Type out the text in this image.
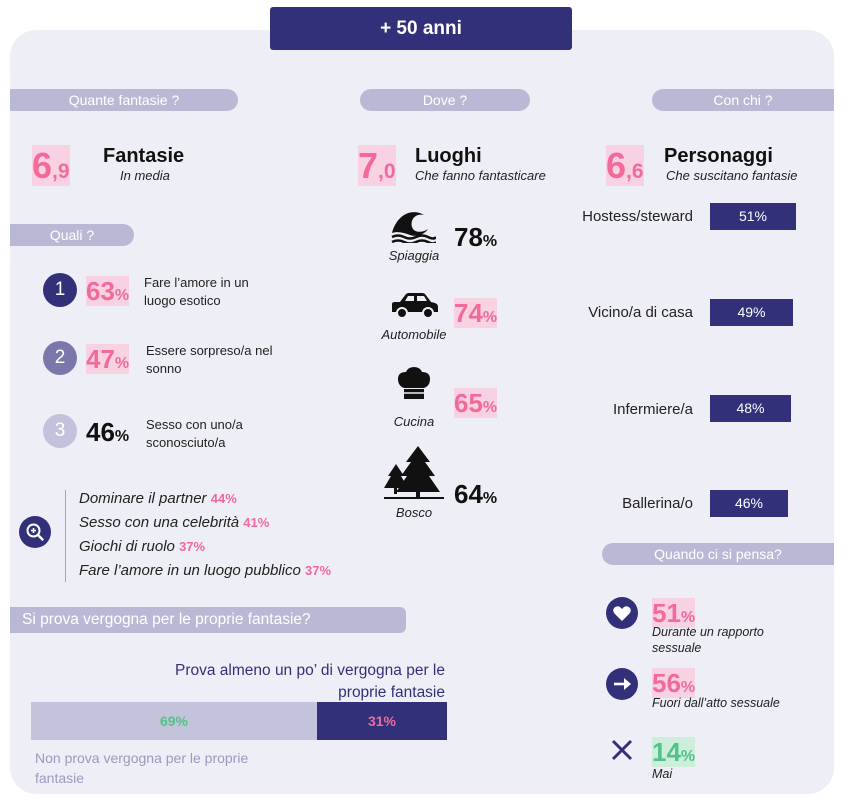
+ 50 anni
Quante fantasie ?	Dove ?	Con chi ?
6,9
Fantasie
In media	7,0
Luoghi
Che fanno fantasticare 6,6
Personaggi
Che suscitano fantasie
Quali ?
1 63%
Fare l’amore in un
luogo esotico
2 47%
Essere sorpreso/a nel
sonno
3 46%
Sesso con uno/a
sconosciuto/a
Dominare il partner 44%
Sesso con una celebrità 41%
Giochi di ruolo 37%
Fare l’amore in un luogo pubblico 37%
Spiaggia
78%
Automobile
74%
Cucina
65%
Bosco
64%
Hostess/steward	51%
Vicino/a di casa	49%
Infermiere/a	48%
Ballerina/o	46%
Quando ci si pensa?
51%
Durante un rapporto
sessuale
56%
Fuori dall’atto sessuale
14%
Mai
Si prova vergogna per le proprie fantasie?
Prova almeno un po’ di vergogna per le
proprie fantasie
69%	31%
Non prova vergogna per le proprie
fantasie
